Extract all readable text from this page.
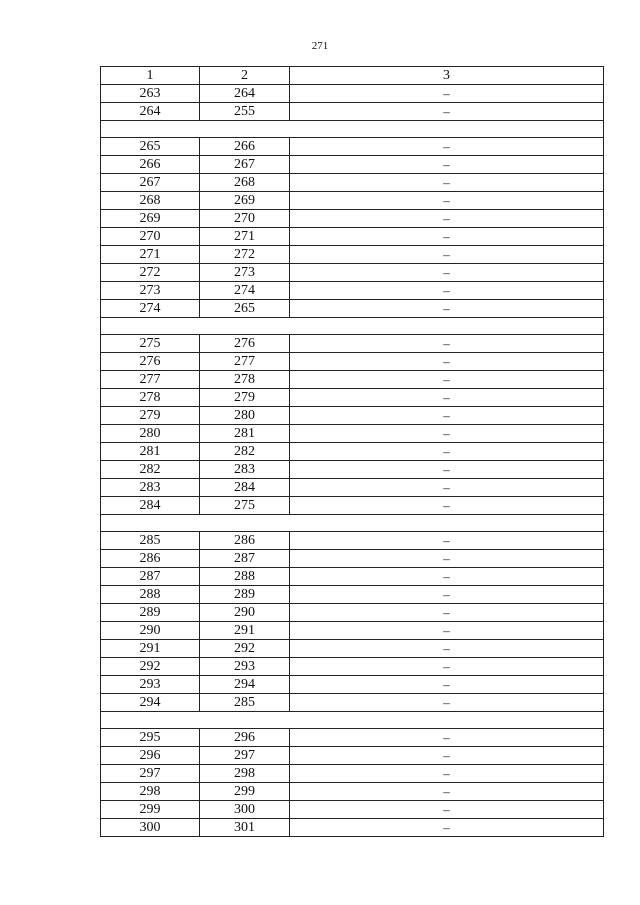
271
1	2	3
263	264	–
264	255	–

265	266	–
266	267	–
267	268	–
268	269	–
269	270	–
270	271	–
271	272	–
272	273	–
273	274	–
274	265	–

275	276	–
276	277	–
277	278	–
278	279	–
279	280	–
280	281	–
281	282	–
282	283	–
283	284	–
284	275	–

285	286	–
286	287	–
287	288	–
288	289	–
289	290	–
290	291	–
291	292	–
292	293	–
293	294	–
294	285	–

295	296	–
296	297	–
297	298	–
298	299	–
299	300	–
300	301	–
